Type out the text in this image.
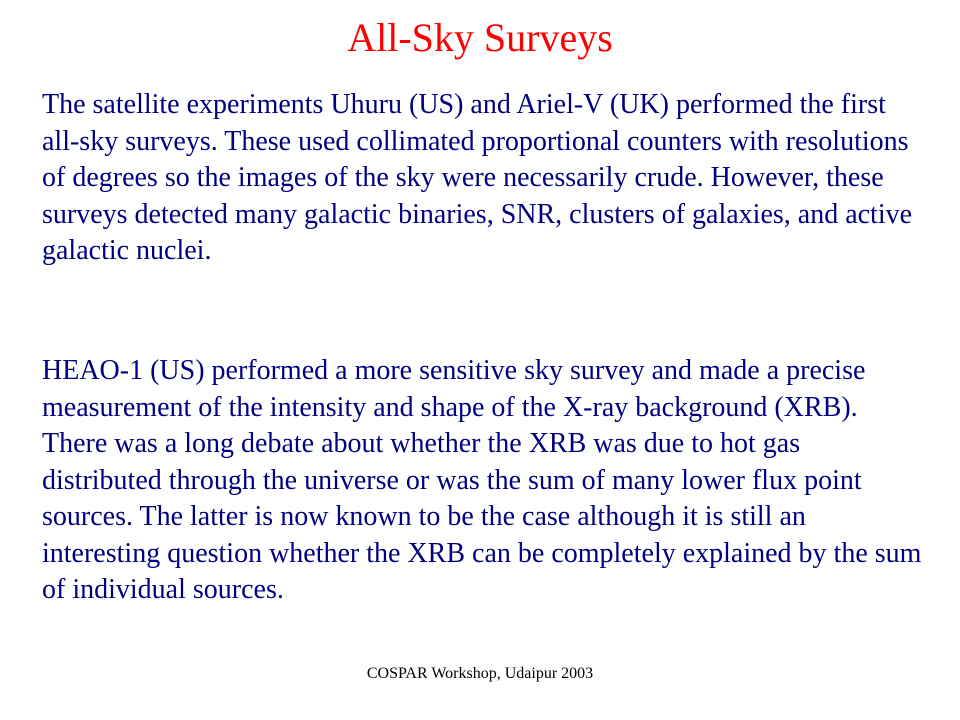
All-Sky Surveys

The satellite experiments Uhuru (US) and Ariel-V (UK) performed the first all-sky surveys. These used collimated proportional counters with resolutions of degrees so the images of the sky were necessarily crude. However, these surveys detected many galactic binaries, SNR, clusters of galaxies, and active galactic nuclei.

HEAO-1 (US) performed a more sensitive sky survey and made a precise measurement of the intensity and shape of the X-ray background (XRB). There was a long debate about whether the XRB was due to hot gas distributed through the universe or was the sum of many lower flux point sources. The latter is now known to be the case although it is still an interesting question whether the XRB can be completely explained by the sum of individual sources.

COSPAR Workshop, Udaipur 2003
